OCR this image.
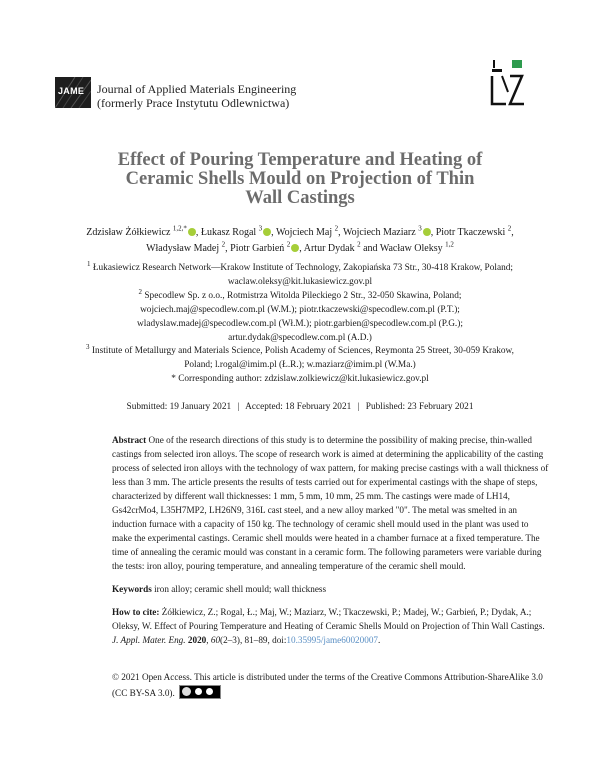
JAME Journal of Applied Materials Engineering
(formerly Prace Instytutu Odlewnictwa)
Effect of Pouring Temperature and Heating of
Ceramic Shells Mould on Projection of Thin
Wall Castings
Zdzisław Żółkiewicz $^{1,2,*}$ , Łukasz Rogal $^3$ , Wojciech Maj $^2$, Wojciech Maziarz $^3$ , Piotr Tkaczewski $^2$,
Władysław Madej $^2$, Piotr Garbień $^2$ , Artur Dydak $^2$ and Wacław Oleksy $^{1,2}$
$^1$ Łukasiewicz Research Network—Krakow Institute of Technology, Zakopiańska 73 Str., 30-418 Krakow, Poland;
waclaw.oleksy@kit.lukasiewicz.gov.pl
$^2$ Specodlew Sp. z o.o., Rotmistrza Witolda Pileckiego 2 Str., 32-050 Skawina, Poland;
wojciech.maj@specodlew.com.pl (W.M.); piotr.tkaczewski@specodlew.com.pl (P.T.);
wladyslaw.madej@specodlew.com.pl (Wł.M.); piotr.garbien@specodlew.com.pl (P.G.);
artur.dydak@specodlew.com.pl (A.D.)
$^3$ Institute of Metallurgy and Materials Science, Polish Academy of Sciences, Reymonta 25 Street, 30-059 Krakow,
Poland; l.rogal@imim.pl (Ł.R.); w.maziarz@imim.pl (W.Ma.)
* Corresponding author: zdzislaw.zolkiewicz@kit.lukasiewicz.gov.pl
Submitted: 19 January 2021 | Accepted: 18 February 2021 | Published: 23 February 2021
Abstract One of the research directions of this study is to determine the possibility of making precise, thin-walled castings from selected iron alloys. The scope of research work is aimed at determining the applicability of the casting process of selected iron alloys with the technology of wax pattern, for making precise castings with a wall thickness of less than 3 mm. The article presents the results of tests carried out for experimental castings with the shape of steps, characterized by different wall thicknesses: 1 mm, 5 mm, 10 mm, 25 mm. The castings were made of LH14, Gs42crMo4, L35H7MP2, LH26N9, 316L cast steel, and a new alloy marked "0". The metal was smelted in an induction furnace with a capacity of 150 kg. The technology of ceramic shell mould used in the plant was used to make the experimental castings. Ceramic shell moulds were heated in a chamber furnace at a fixed temperature. The time of annealing the ceramic mould was constant in a ceramic form. The following parameters were variable during the tests: iron alloy, pouring temperature, and annealing temperature of the ceramic shell mould.
Keywords iron alloy; ceramic shell mould; wall thickness
How to cite: Żółkiewicz, Z.; Rogal, Ł.; Maj, W.; Maziarz, W.; Tkaczewski, P.; Madej, W.; Garbień, P.; Dydak, A.; Oleksy, W. Effect of Pouring Temperature and Heating of Ceramic Shells Mould on Projection of Thin Wall Castings. J. Appl. Mater. Eng. 2020, 60(2–3), 81–89, doi:10.35995/jame60020007.
© 2021 Open Access. This article is distributed under the terms of the Creative Commons Attribution-ShareAlike 3.0 (CC BY-SA 3.0).
